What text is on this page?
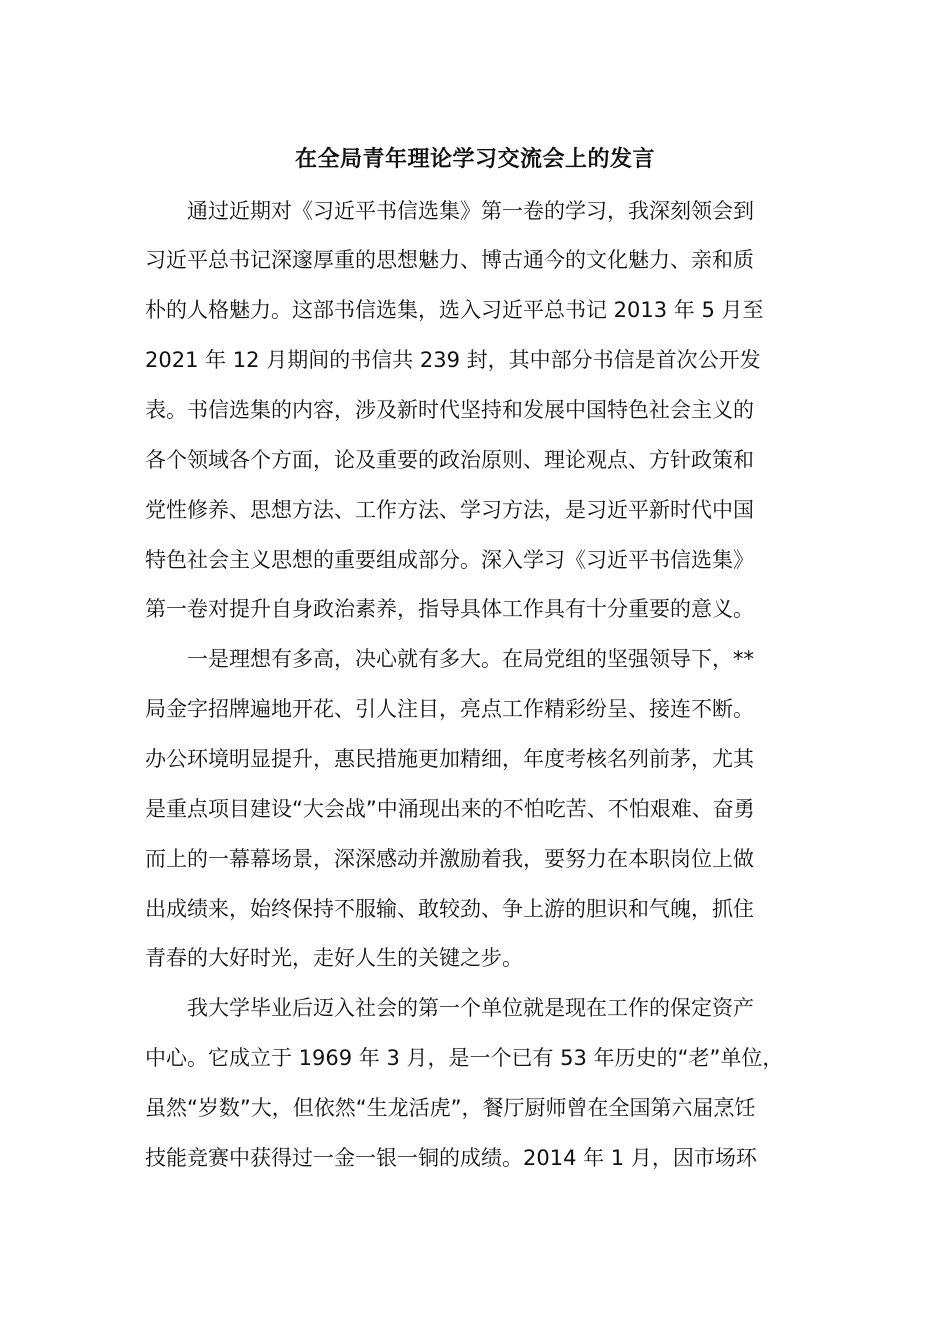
在全局青年理论学习交流会上的发言
通过近期对《习近平书信选集》第一卷的学习，我深刻领会到
习近平总书记深邃厚重的思想魅力、博古通今的文化魅力、亲和质
朴的人格魅力。这部书信选集，选入习近平总书记 2013 年 5 月至
2021 年 12 月期间的书信共 239 封，其中部分书信是首次公开发
表。书信选集的内容，涉及新时代坚持和发展中国特色社会主义的
各个领域各个方面，论及重要的政治原则、理论观点、方针政策和
党性修养、思想方法、工作方法、学习方法，是习近平新时代中国
特色社会主义思想的重要组成部分。深入学习《习近平书信选集》
第一卷对提升自身政治素养，指导具体工作具有十分重要的意义。
一是理想有多高，决心就有多大。在局党组的坚强领导下，**
局金字招牌遍地开花、引人注目，亮点工作精彩纷呈、接连不断。
办公环境明显提升，惠民措施更加精细，年度考核名列前茅，尤其
是重点项目建设“大会战”中涌现出来的不怕吃苦、不怕艰难、奋勇
而上的一幕幕场景，深深感动并激励着我，要努力在本职岗位上做
出成绩来，始终保持不服输、敢较劲、争上游的胆识和气魄，抓住
青春的大好时光，走好人生的关键之步。
我大学毕业后迈入社会的第一个单位就是现在工作的保定资产
中心。它成立于 1969 年 3 月，是一个已有 53 年历史的“老”单位，
虽然“岁数”大，但依然“生龙活虎”，餐厅厨师曾在全国第六届烹饪
技能竞赛中获得过一金一银一铜的成绩。2014 年 1 月，因市场环
